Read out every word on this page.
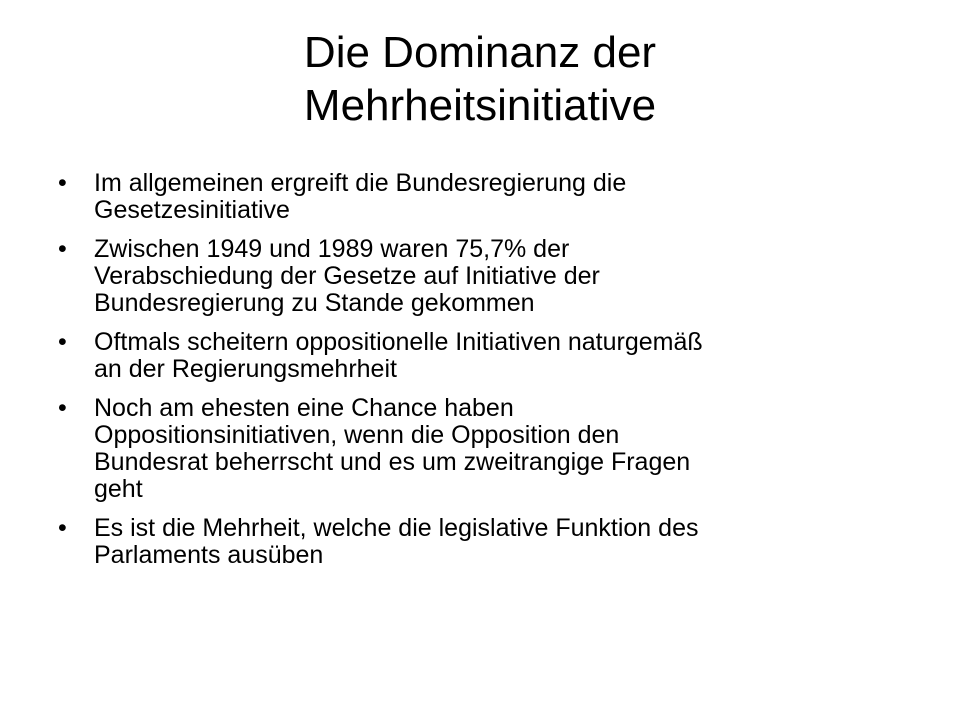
Die Dominanz der
Mehrheitsinitiative
• Im allgemeinen ergreift die Bundesregierung die
Gesetzesinitiative
• Zwischen 1949 und 1989 waren 75,7% der
Verabschiedung der Gesetze auf Initiative der
Bundesregierung zu Stande gekommen
• Oftmals scheitern oppositionelle Initiativen naturgemäß
an der Regierungsmehrheit
• Noch am ehesten eine Chance haben
Oppositionsinitiativen, wenn die Opposition den
Bundesrat beherrscht und es um zweitrangige Fragen
geht
• Es ist die Mehrheit, welche die legislative Funktion des
Parlaments ausüben
